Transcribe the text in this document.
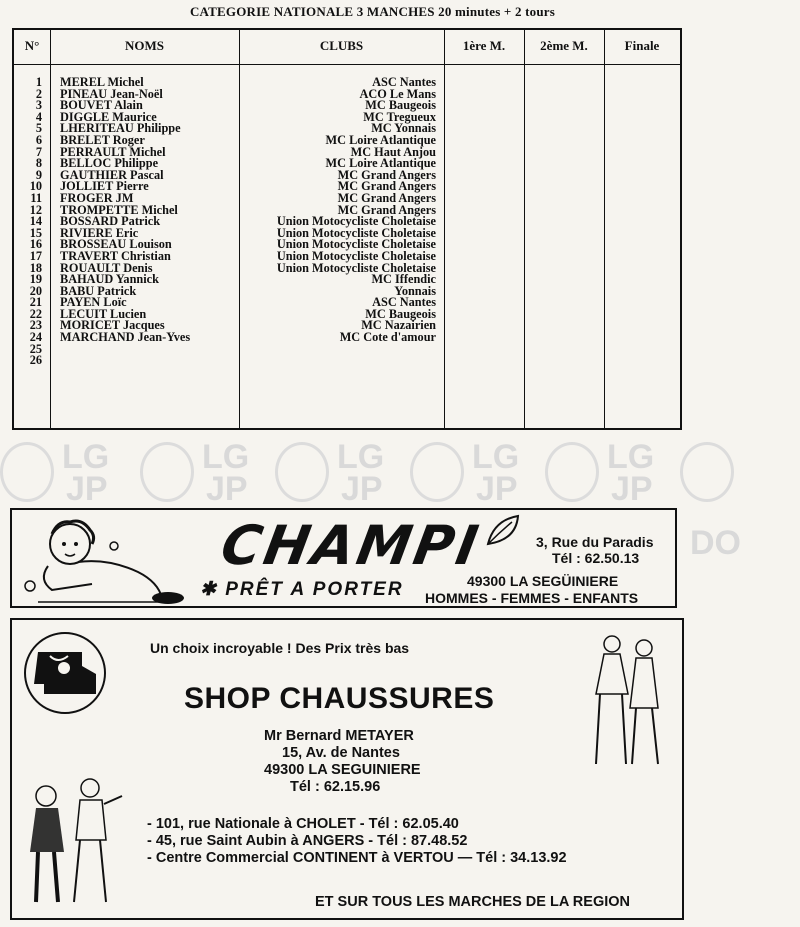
CATEGORIE NATIONALE 3 MANCHES 20 minutes + 2 tours
N°	NOMS	CLUBS	1ère M.	2ème M.	Finale
1 MEREL Michel	ASC Nantes
2 PINEAU Jean-Noël	ACO Le Mans
3 BOUVET Alain	MC Baugeois
4 DIGGLE Maurice	MC Tregueux
5 LHERITEAU Philippe	MC Yonnais
6 BRELET Roger	MC Loire Atlantique
7 PERRAULT Michel	MC Haut Anjou
8 BELLOC Philippe	MC Loire Atlantique
9 GAUTHIER Pascal	MC Grand Angers
10 JOLLIET Pierre	MC Grand Angers
11 FROGER JM	MC Grand Angers
12 TROMPETTE Michel	MC Grand Angers
14 BOSSARD Patrick	Union Motocycliste Choletaise
15 RIVIERE Eric	Union Motocycliste Choletaise
16 BROSSEAU Louison	Union Motocycliste Choletaise
17 TRAVERT Christian	Union Motocycliste Choletaise
18 ROUAULT Denis	Union Motocycliste Choletaise
19 BAHAUD Yannick	MC Iffendic
20 BABU Patrick	Yonnais
21 PAYEN Loïc	ASC Nantes
22 LECUIT Lucien	MC Baugeois
23 MORICET Jacques	MC Nazairien
24 MARCHAND Jean-Yves	MC Cote d'amour
25
26
LG
JP
LG
JP
LG
JP
LG
JP
LG
JP
DO
CHAMPI
✱ PRÊT A PORTER
3, Rue du Paradis
Tél : 62.50.13
49300 LA SEGÜINIERE
HOMMES - FEMMES - ENFANTS
Un choix incroyable ! Des Prix très bas
SHOP CHAUSSURES
Mr Bernard METAYER
15, Av. de Nantes
49300 LA SEGUINIERE
Tél : 62.15.96
- 101, rue Nationale à CHOLET - Tél : 62.05.40
- 45, rue Saint Aubin à ANGERS - Tél : 87.48.52
- Centre Commercial CONTINENT à VERTOU — Tél : 34.13.92
ET SUR TOUS LES MARCHES DE LA REGION
